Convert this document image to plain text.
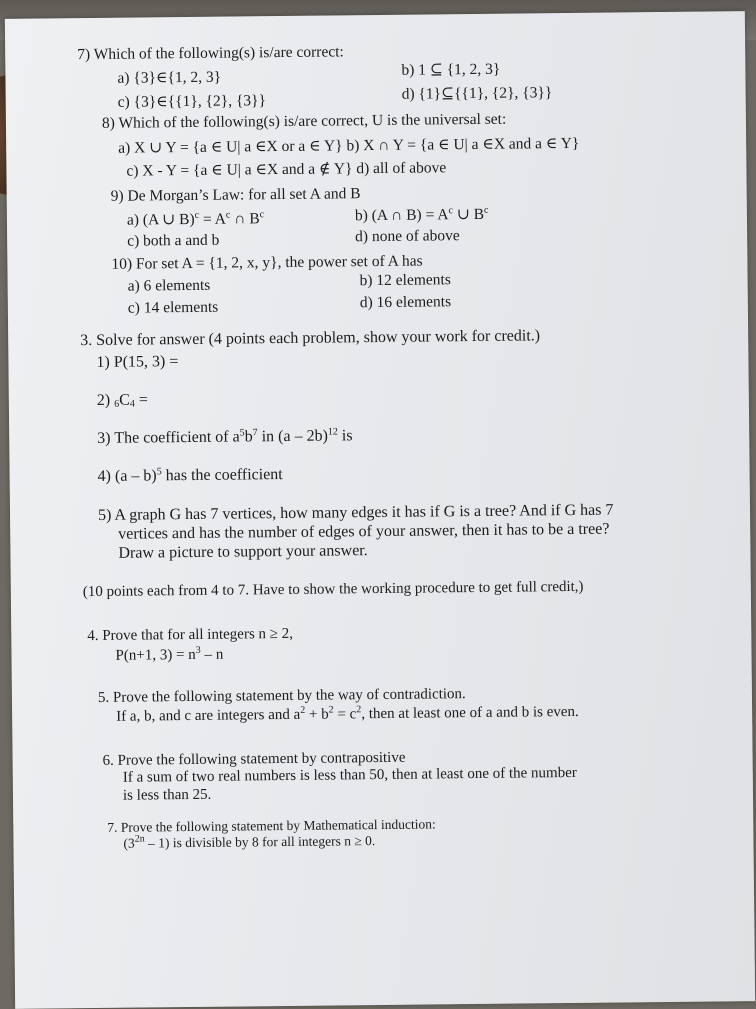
7) Which of the following(s) is/are correct:
a) {3}∈{1, 2, 3}	b) 1 ⊆ {1, 2, 3}
c) {3}∈{{1}, {2}, {3}}	d) {1}⊆{{1}, {2}, {3}}
8) Which of the following(s) is/are correct, U is the universal set:
a) X ∪ Y = {a ∈ U| a ∈X or a ∈ Y} b) X ∩ Y = {a ∈ U| a ∈X and a ∈ Y}
c) X - Y = {a ∈ U| a ∈X and a ∉ Y} d) all of above
9) De Morgan’s Law: for all set A and B
a) (A ∪ $B)^c = A^c$ ∩ $B^c$	b) (A ∩ $B) = A^c$ ∪ $B^c$
c) both a and b	d) none of above
10) For set A = {1, 2, x, y}, the power set of A has
a) 6 elements	b) 12 elements
c) 14 elements	d) 16 elements
3. Solve for answer (4 points each problem, show your work for credit.)
1) P(15, 3) =
2) $_6C_4$ =
3) The coefficient of $a^5b^7$ in (a – 2b)$^{12}$ is
4) (a – b)$^5$ has the coefficient
5) A graph G has 7 vertices, how many edges it has if G is a tree? And if G has 7
vertices and has the number of edges of your answer, then it has to be a tree?
Draw a picture to support your answer.
(10 points each from 4 to 7. Have to show the working procedure to get full credit,)
4. Prove that for all integers n ≥ 2,
P(n+1, $3) = n^3 - n$
5. Prove the following statement by the way of contradiction.
If a, b, and c are integers and $a^2 + b^2 = c^2$, then at least one of a and b is even.
6. Prove the following statement by contrapositive
If a sum of two real numbers is less than 50, then at least one of the number
is less than 25.
7. Prove the following statement by Mathematical induction:
$(3^{2n} - 1)$ is divisible by 8 for all integers n ≥ 0.
